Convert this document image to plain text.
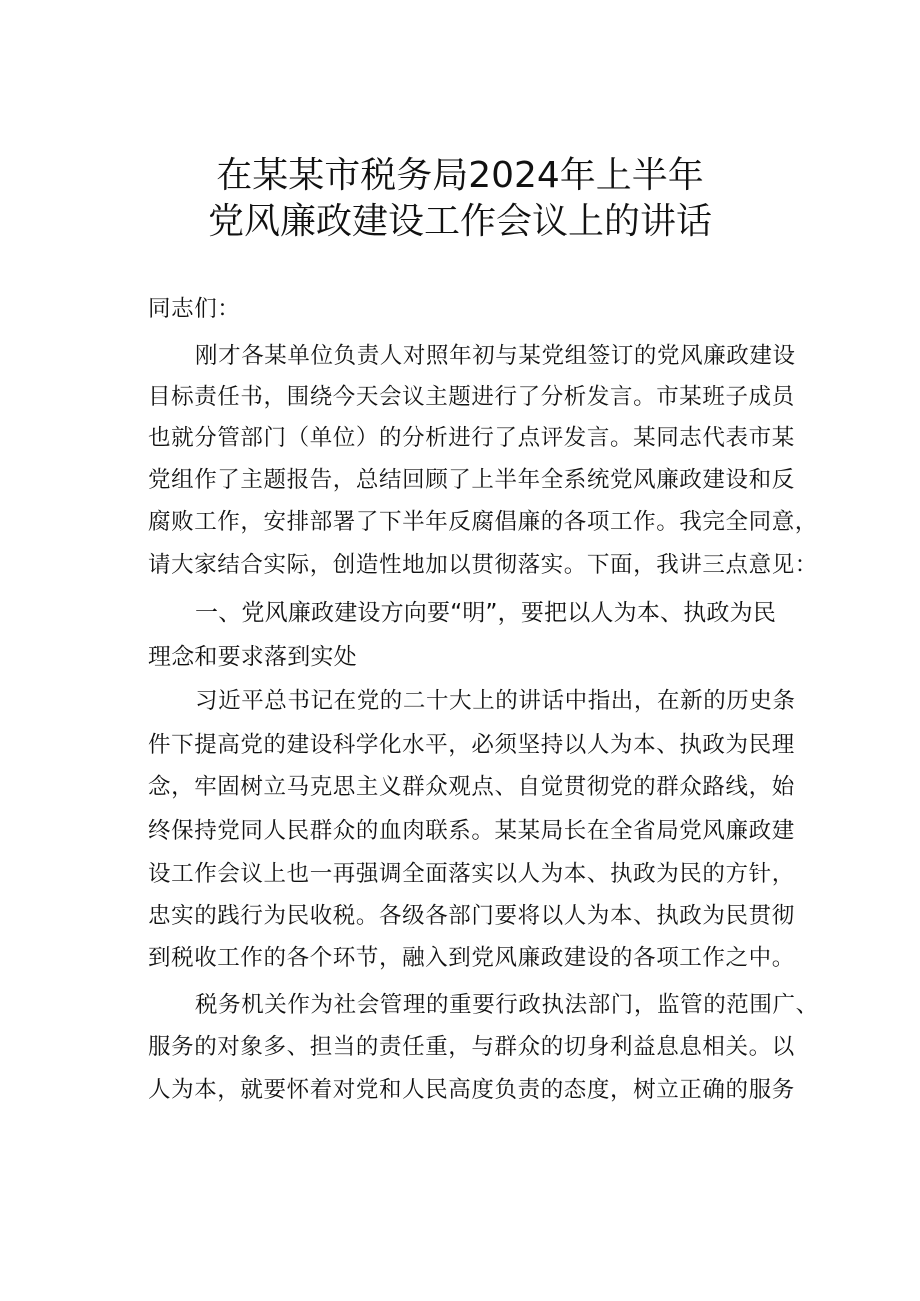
在某某市税务局2024年上半年
党风廉政建设工作会议上的讲话
同志们：
刚才各某单位负责人对照年初与某党组签订的党风廉政建设
目标责任书，围绕今天会议主题进行了分析发言。市某班子成员
也就分管部门（单位）的分析进行了点评发言。某同志代表市某
党组作了主题报告，总结回顾了上半年全系统党风廉政建设和反
腐败工作，安排部署了下半年反腐倡廉的各项工作。我完全同意，
请大家结合实际，创造性地加以贯彻落实。下面，我讲三点意见：
一、党风廉政建设方向要“明”，要把以人为本、执政为民
理念和要求落到实处
习近平总书记在党的二十大上的讲话中指出，在新的历史条
件下提高党的建设科学化水平，必须坚持以人为本、执政为民理
念，牢固树立马克思主义群众观点、自觉贯彻党的群众路线，始
终保持党同人民群众的血肉联系。某某局长在全省局党风廉政建
设工作会议上也一再强调全面落实以人为本、执政为民的方针，
忠实的践行为民收税。各级各部门要将以人为本、执政为民贯彻
到税收工作的各个环节，融入到党风廉政建设的各项工作之中。
税务机关作为社会管理的重要行政执法部门，监管的范围广、
服务的对象多、担当的责任重，与群众的切身利益息息相关。以
人为本，就要怀着对党和人民高度负责的态度，树立正确的服务
